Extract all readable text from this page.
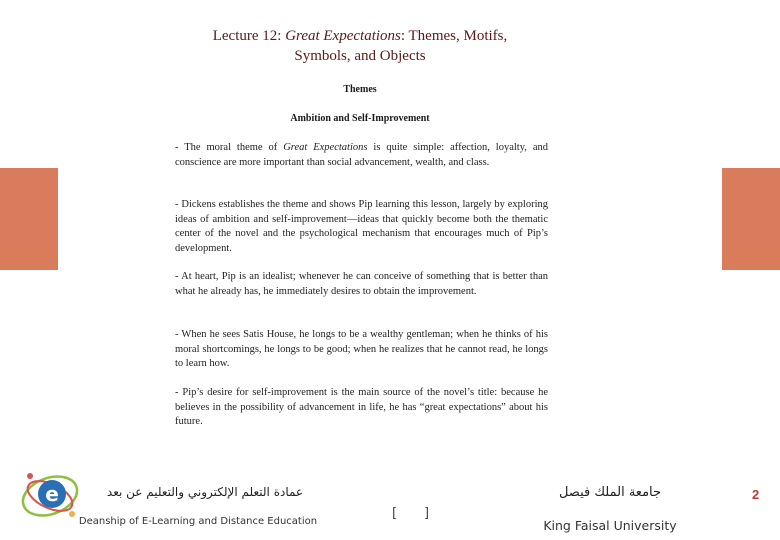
Lecture 12: Great Expectations: Themes, Motifs,
Symbols, and Objects
Themes
Ambition and Self-Improvement

- The moral theme of Great Expectations is quite simple: affection, loyalty, and conscience are more important than social advancement, wealth, and class.

- Dickens establishes the theme and shows Pip learning this lesson, largely by exploring ideas of ambition and self-improvement—ideas that quickly become both the thematic center of the novel and the psychological mechanism that encourages much of Pip’s development.

- At heart, Pip is an idealist; whenever he can conceive of something that is better than what he already has, he immediately desires to obtain the improvement.

- When he sees Satis House, he longs to be a wealthy gentleman; when he thinks of his moral shortcomings, he longs to be good; when he realizes that he cannot read, he longs to learn how.

- Pip’s desire for self-improvement is the main source of the novel’s title: because he believes in the possibility of advancement in life, he has “great expectations” about his future.

e	عمادة التعلم الإلكتروني والتعليم عن بعد
Deanship of E-Learning and Distance Education
[ ]
جامعة الملك فيصل
King Faisal University
2
